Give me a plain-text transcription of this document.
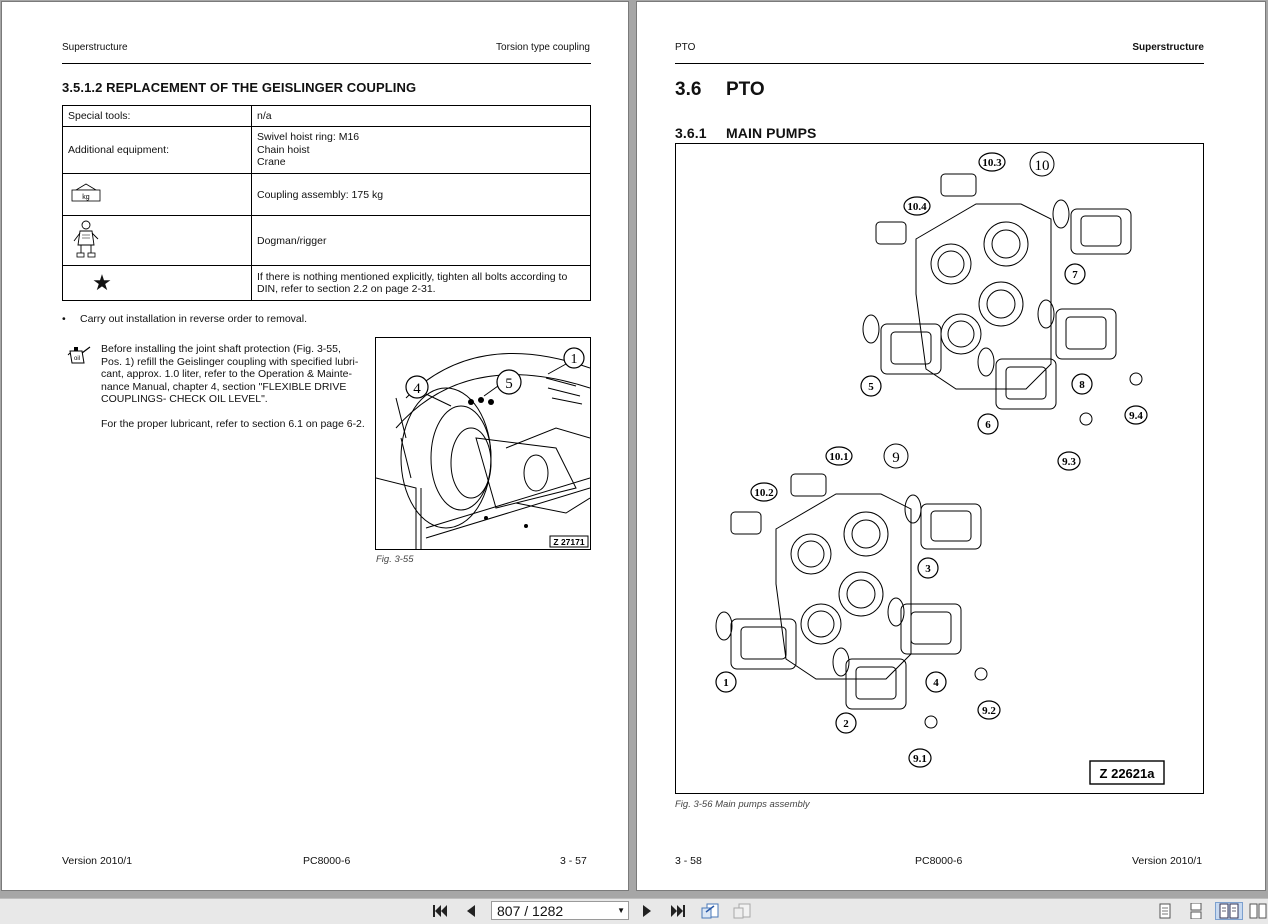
Superstructure	Torsion type coupling
3.5.1.2 REPLACEMENT OF THE GEISLINGER COUPLING
Special tools:	n/a
Additional equipment:	Swivel hoist ring: M16
Chain hoist
Crane

kg	Coupling assembly: 175 kg
	Dogman/rigger

★	If there is nothing mentioned explicitly, tighten all bolts according to DIN, refer to section 2.2 on page 2-31.
• Carry out installation in reverse order to removal.
oil
Before installing the joint shaft protection (Fig. 3-55,
Pos. 1) refill the Geislinger coupling with specified lubri-
cant, approx. 1.0 liter, refer to the Operation & Mainte-
nance Manual, chapter 4, section "FLEXIBLE DRIVE
COUPLINGS- CHECK OIL LEVEL".
For the proper lubricant, refer to section 6.1 on page 6-2.
1
4	5
Z 27171
Fig. 3-55
Version 2010/1	PC8000-6	3 - 57
PTO	Superstructure
3.6 PTO
3.6.1 MAIN PUMPS
10.3 10
10.4
7
5	8
6
9.4
9.3
10.1	9
10.2
3
1	4
2
9.2
9.1
Z 22621a
Fig. 3-56 Main pumps assembly
3 - 58	PC8000-6	Version 2010/1
807 / 1282	▼
